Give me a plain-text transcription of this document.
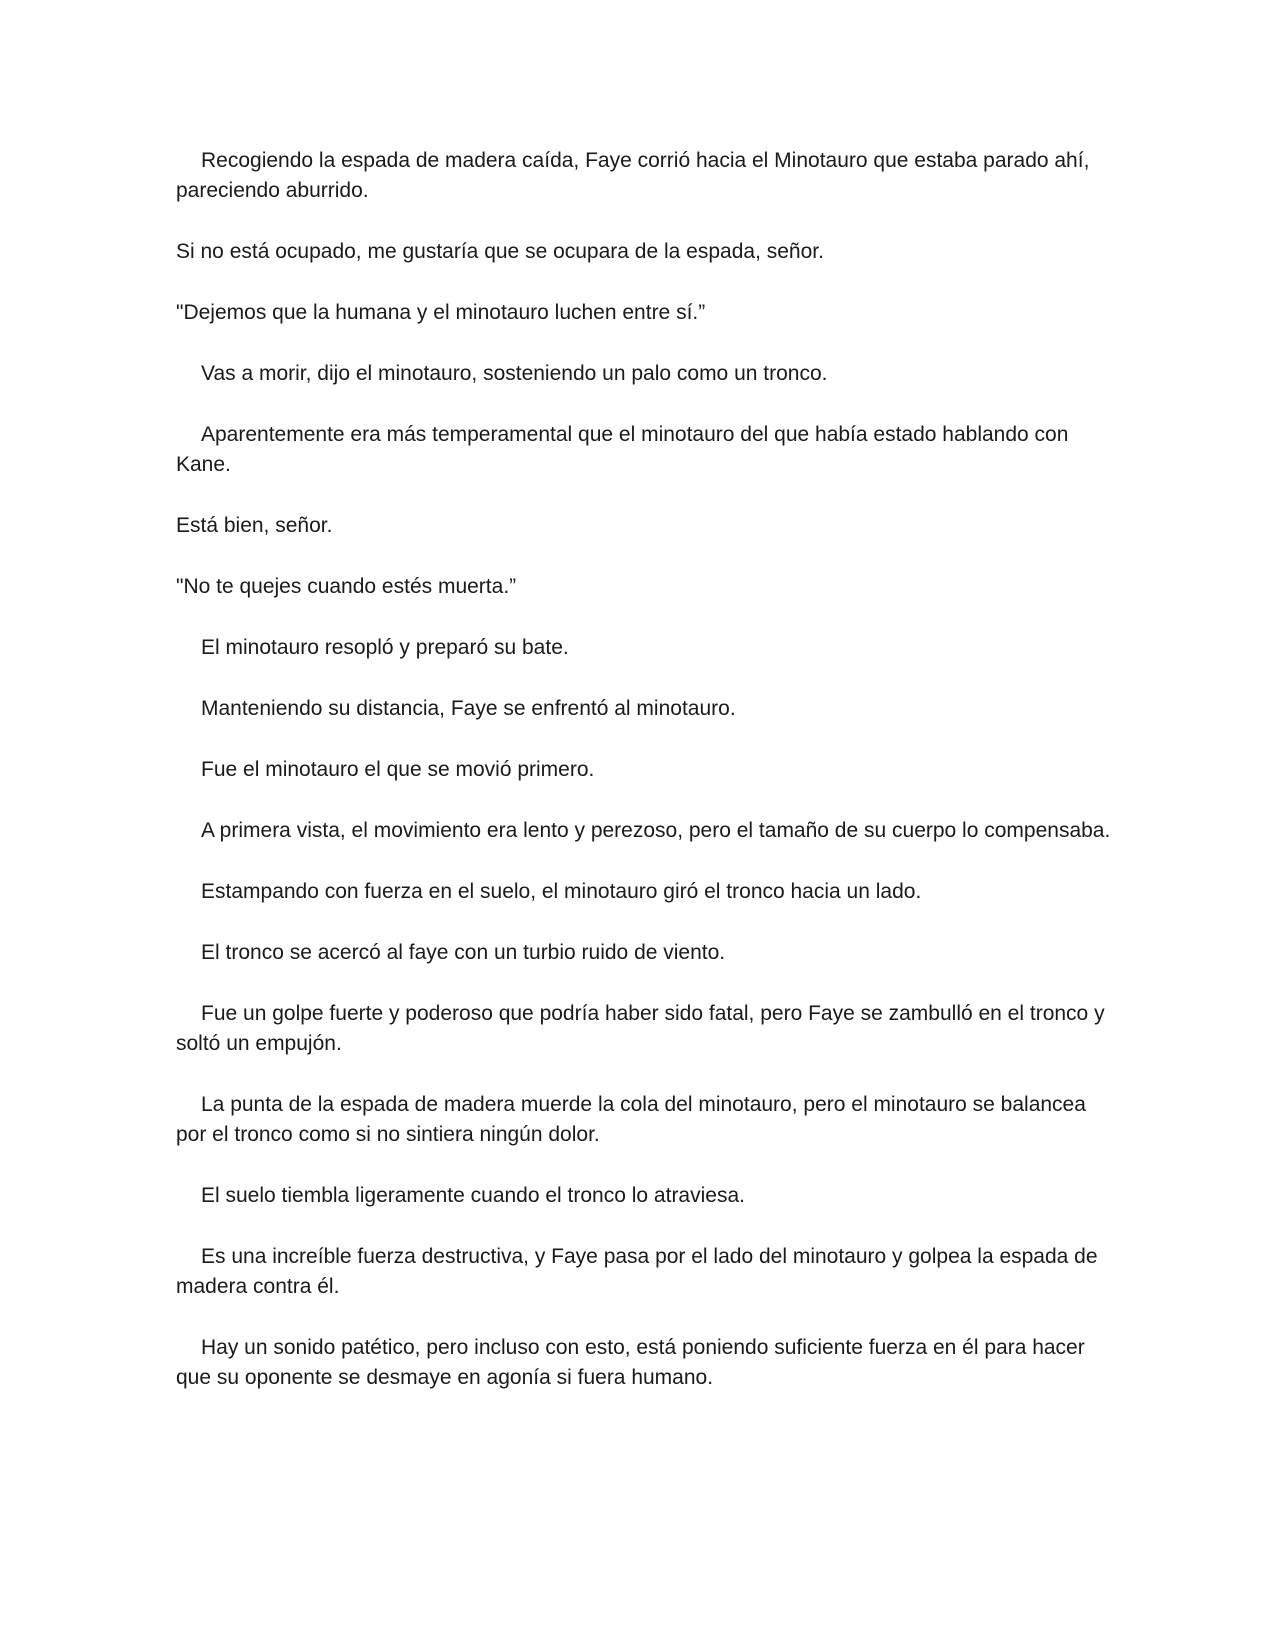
Recogiendo la espada de madera caída, Faye corrió hacia el Minotauro que estaba parado ahí, pareciendo aburrido.

Si no está ocupado, me gustaría que se ocupara de la espada, señor.

"Dejemos que la humana y el minotauro luchen entre sí.”

Vas a morir, dijo el minotauro, sosteniendo un palo como un tronco.

Aparentemente era más temperamental que el minotauro del que había estado hablando con Kane.

Está bien, señor.

"No te quejes cuando estés muerta.”

El minotauro resopló y preparó su bate.

Manteniendo su distancia, Faye se enfrentó al minotauro.

Fue el minotauro el que se movió primero.

A primera vista, el movimiento era lento y perezoso, pero el tamaño de su cuerpo lo compensaba.

Estampando con fuerza en el suelo, el minotauro giró el tronco hacia un lado.

El tronco se acercó al faye con un turbio ruido de viento.

Fue un golpe fuerte y poderoso que podría haber sido fatal, pero Faye se zambulló en el tronco y soltó un empujón.

La punta de la espada de madera muerde la cola del minotauro, pero el minotauro se balancea por el tronco como si no sintiera ningún dolor.

El suelo tiembla ligeramente cuando el tronco lo atraviesa.

Es una increíble fuerza destructiva, y Faye pasa por el lado del minotauro y golpea la espada de madera contra él.

Hay un sonido patético, pero incluso con esto, está poniendo suficiente fuerza en él para hacer que su oponente se desmaye en agonía si fuera humano.
